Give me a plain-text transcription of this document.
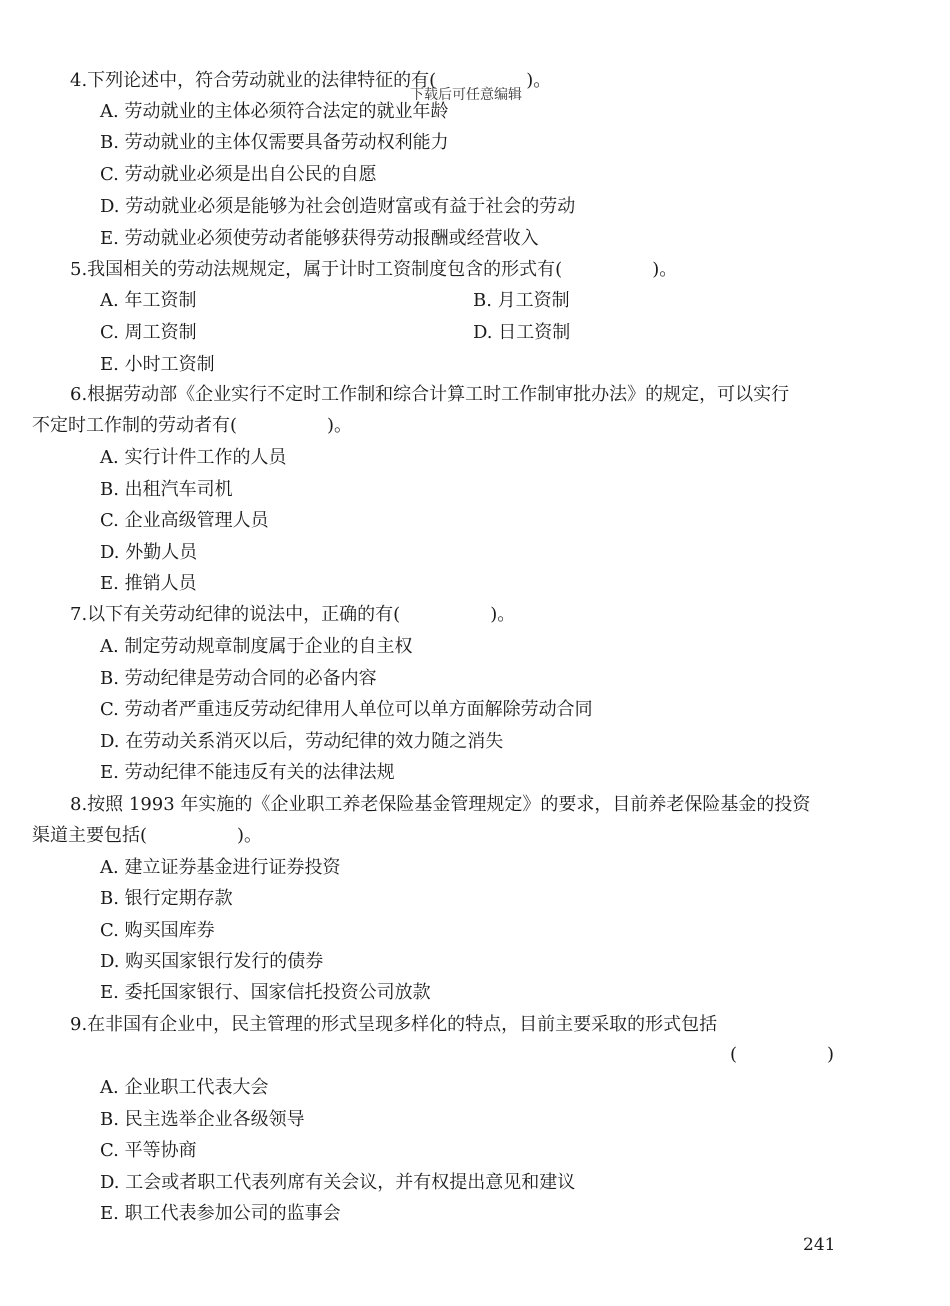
下载后可任意编辑
4.下列论述中，符合劳动就业的法律特征的有(　　　　　)。
A. 劳动就业的主体必须符合法定的就业年龄
B. 劳动就业的主体仅需要具备劳动权利能力
C. 劳动就业必须是出自公民的自愿
D. 劳动就业必须是能够为社会创造财富或有益于社会的劳动
E. 劳动就业必须使劳动者能够获得劳动报酬或经营收入
5.我国相关的劳动法规规定，属于计时工资制度包含的形式有(　　　　　)。
A. 年工资制	B. 月工资制
C. 周工资制	D. 日工资制
E. 小时工资制
6.根据劳动部《企业实行不定时工作制和综合计算工时工作制审批办法》的规定，可以实行
不定时工作制的劳动者有(　　　　　)。
A. 实行计件工作的人员
B. 出租汽车司机
C. 企业高级管理人员
D. 外勤人员
E. 推销人员
7.以下有关劳动纪律的说法中，正确的有(　　　　　)。
A. 制定劳动规章制度属于企业的自主权
B. 劳动纪律是劳动合同的必备内容
C. 劳动者严重违反劳动纪律用人单位可以单方面解除劳动合同
D. 在劳动关系消灭以后，劳动纪律的效力随之消失
E. 劳动纪律不能违反有关的法律法规
8.按照 1993 年实施的《企业职工养老保险基金管理规定》的要求，目前养老保险基金的投资
渠道主要包括(　　　　　)。
A. 建立证券基金进行证券投资
B. 银行定期存款
C. 购买国库券
D. 购买国家银行发行的债券
E. 委托国家银行、国家信托投资公司放款
9.在非国有企业中，民主管理的形式呈现多样化的特点，目前主要采取的形式包括
(　　　　　)
A. 企业职工代表大会
B. 民主选举企业各级领导
C. 平等协商
D. 工会或者职工代表列席有关会议，并有权提出意见和建议
E. 职工代表参加公司的监事会
241
